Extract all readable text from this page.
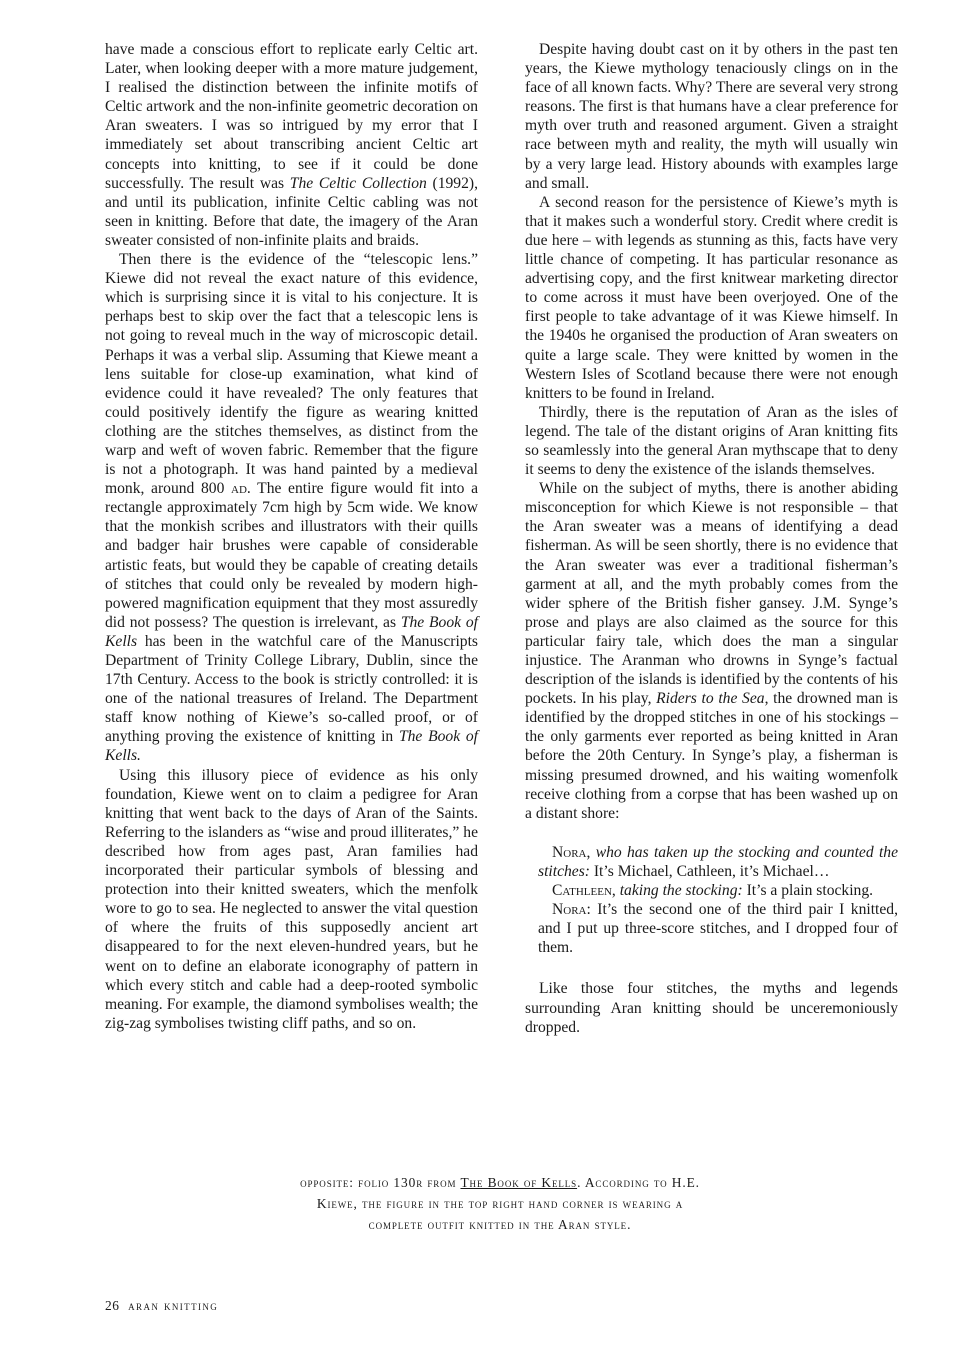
have made a conscious effort to replicate early Celtic art. Later, when looking deeper with a more mature judgement, I realised the distinction between the infinite motifs of Celtic artwork and the non-infinite geometric decoration on Aran sweaters. I was so intrigued by my error that I immediately set about transcribing ancient Celtic art concepts into knitting, to see if it could be done successfully. The result was The Celtic Collection (1992), and until its publication, infinite Celtic cabling was not seen in knitting. Before that date, the imagery of the Aran sweater consisted of non-infinite plaits and braids.

Then there is the evidence of the “telescopic lens.” Kiewe did not reveal the exact nature of this evidence, which is surprising since it is vital to his conjecture. It is perhaps best to skip over the fact that a telescopic lens is not going to reveal much in the way of microscopic detail. Perhaps it was a verbal slip. Assuming that Kiewe meant a lens suitable for close-up examination, what kind of evidence could it have revealed? The only features that could positively identify the figure as wearing knitted clothing are the stitches themselves, as distinct from the warp and weft of woven fabric. Remember that the figure is not a photograph. It was hand painted by a medieval monk, around 800 ad. The entire figure would fit into a rectangle approximately 7cm high by 5cm wide. We know that the monkish scribes and illustrators with their quills and badger hair brushes were capable of considerable artistic feats, but would they be capable of creating details of stitches that could only be revealed by modern high-powered magnification equipment that they most assuredly did not possess? The question is irrelevant, as The Book of Kells has been in the watchful care of the Manuscripts Department of Trinity College Library, Dublin, since the 17th Century. Access to the book is strictly controlled: it is one of the national treasures of Ireland. The Department staff know nothing of Kiewe’s so-called proof, or of anything proving the existence of knitting in The Book of Kells.

Using this illusory piece of evidence as his only foundation, Kiewe went on to claim a pedigree for Aran knitting that went back to the days of Aran of the Saints. Referring to the islanders as “wise and proud illiterates,” he described how from ages past, Aran families had incorporated their particular symbols of blessing and protection into their knitted sweaters, which the menfolk wore to go to sea. He neglected to answer the vital question of where the fruits of this supposedly ancient art disappeared to for the next eleven-hundred years, but he went on to define an elaborate iconography of pattern in which every stitch and cable had a deep-rooted symbolic meaning. For example, the diamond symbolises wealth; the zig-zag symbolises twisting cliff paths, and so on.

Despite having doubt cast on it by others in the past ten years, the Kiewe mythology tenaciously clings on in the face of all known facts. Why? There are several very strong reasons. The first is that humans have a clear preference for myth over truth and reasoned argument. Given a straight race between myth and reality, the myth will usually win by a very large lead. History abounds with examples large and small.

A second reason for the persistence of Kiewe’s myth is that it makes such a wonderful story. Credit where credit is due here – with legends as stunning as this, facts have very little chance of competing. It has particular resonance as advertising copy, and the first knitwear marketing director to come across it must have been overjoyed. One of the first people to take advantage of it was Kiewe himself. In the 1940s he organised the production of Aran sweaters on quite a large scale. They were knitted by women in the Western Isles of Scotland because there were not enough knitters to be found in Ireland.

Thirdly, there is the reputation of Aran as the isles of legend. The tale of the distant origins of Aran knitting fits so seamlessly into the general Aran mythscape that to deny it seems to deny the existence of the islands themselves.

While on the subject of myths, there is another abiding misconception for which Kiewe is not responsible – that the Aran sweater was a means of identifying a dead fisherman. As will be seen shortly, there is no evidence that the Aran sweater was ever a traditional fisherman’s garment at all, and the myth probably comes from the wider sphere of the British fisher gansey. J.M. Synge’s prose and plays are also claimed as the source for this particular fairy tale, which does the man a singular injustice. The Aranman who drowns in Synge’s factual description of the islands is identified by the contents of his pockets. In his play, Riders to the Sea, the drowned man is identified by the dropped stitches in one of his stockings – the only garments ever reported as being knitted in Aran before the 20th Century. In Synge’s play, a fisherman is missing presumed drowned, and his waiting womenfolk receive clothing from a corpse that has been washed up on a distant shore:

Nora, who has taken up the stocking and counted the stitches: It’s Michael, Cathleen, it’s Michael…

Cathleen, taking the stocking: It’s a plain stocking.

Nora: It’s the second one of the third pair I knitted, and I put up three-score stitches, and I dropped four of them.

Like those four stitches, the myths and legends surrounding Aran knitting should be unceremoniously dropped.

opposite: folio 130r from The Book of Kells. According to H.E. Kiewe, the figure in the top right hand corner is wearing a complete outfit knitted in the Aran style.
26 aran knitting
